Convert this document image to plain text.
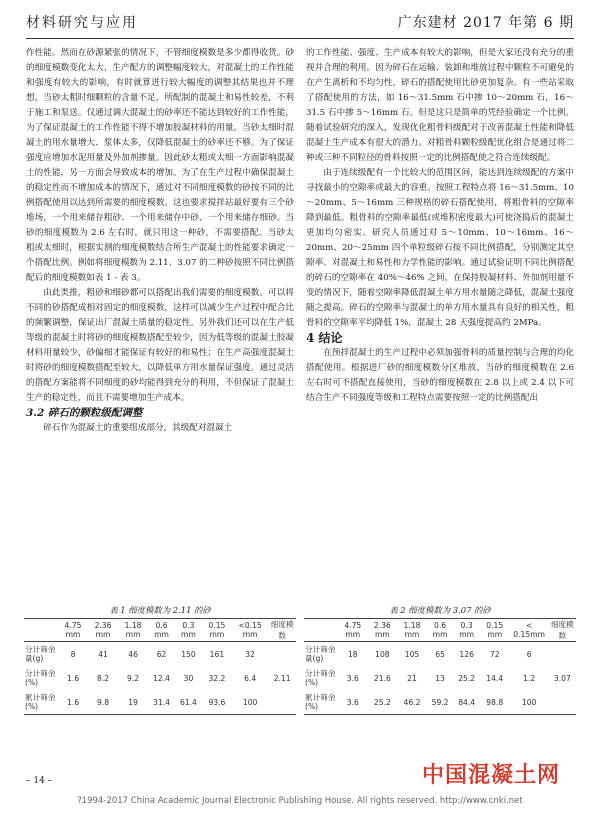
材料研究与应用	广东建材 2017 年第 6 期

作性能。然而在砂源紧张的情况下，不管细度模数是多少都得收货。砂的细度模数变化太大，生产配方的调整幅度较大，对混凝土的工作性能和强度有较大的影响，有时就算进行较大幅度的调整其结果也并不理想。当砂太粗时细颗粒的含量不足，所配制的混凝土和易性较差，不利于施工和泵送。仅通过调大混凝土的砂率还不能达到较好的工作性能，为了保证混凝土的工作性能不得不增加胶凝材料的用量。当砂太细时混凝土的用水量增大、浆体太多，仅降低混凝土的砂率还不够。为了保证强度应增加水泥用量及外加剂掺量。因此砂太粗或太细一方面影响混凝土的性能，另一方面会导致成本的增加。为了在生产过程中确保混凝土的稳定性而不增加成本的情况下，通过对不同细度模数的砂按不同的比例搭配使用以达到所需要的细度模数。这也要求搅拌站最好要有三个砂堆场，一个用来储存粗砂、一个用来储存中砂、一个用来储存细砂。当砂的细度模数为 2.6 左右时，就只用这一种砂，不需要搭配。当砂太粗或太细时，根据实测的细度模数结合所生产混凝土的性能要求确定一个搭配比例。例如将细度模数为 2.11、3.07 的二种砂按照不同比例搭配后的细度模数如表 1 - 表 3。

由此类推，粗砂和细砂都可以搭配出我们需要的细度模数。可以将不同的砂搭配成相对固定的细度模数，这样可以减少生产过程中配合比的频繁调整，保证出厂混凝土质量的稳定性。另外我们还可以在生产低等级的混凝土时将砂的细度模数搭配至较少，因为低等级的混凝土胶凝材料用量较少，砂偏细才能保证有较好的和易性；在生产高强度混凝土时将砂的细度模数搭配至较大，以降低单方用水量保证强度。通过灵活的搭配方案能将不同细度的砂均能得到充分的利用，不但保证了混凝土生产的稳定性，而且不需要增加生产成本。

3.2 碎石的颗粒级配调整

碎石作为混凝土的重要组成部分，其级配对混凝土

的工作性能、强度、生产成本有较大的影响，但是大家还没有充分的重视并合理的利用。因为碎石在运输、装卸和堆放过程中颗粒不可避免的在产生离析和不均匀性，碎石的搭配使用比砂更加复杂。有一些站采取了搭配使用的方法，如 16～31.5mm 石中掺 10～20mm 石，16～31.5 石中掺 5～16mm 石。但是这只是简单的凭经验确定一个比例。随着试验研究的深入，发现优化粗骨料级配对于改善混凝土性能和降低混凝土生产成本有很大的潜力。对粗骨料颗粒级配优化组合是通过将二种或三种不同粒径的骨料按照一定的比例搭配使之符合连续级配。

由于连续级配有一个比较大的范围区间，能达到连续级配的方案中寻找最小的空隙率或最大的容重。按照工程特点将 16～31.5mm、10～20mm、5～16mm 三种规格的碎石搭配使用，将粗骨料的空隙率降到最低。粗骨料的空隙率最低(或堆积密度最大)可使浇捣后的混凝土更加均匀密实。研究人员通过对 5～10mm、10～16mm、16～20mm、20～25mm 四个单粒级碎石按不同比例搭配，分别测定其空隙率、对混凝土和易性和力学性能的影响。通过试验证明不同比例搭配的碎石的空隙率在 40%～46% 之间，在保持胶凝材料、外加剂用量不变的情况下，随着空隙率降低混凝土单方用水量随之降低，混凝土强度随之提高。碎石的空隙率与混凝土的单方用水量具有良好的相关性，粗骨料的空隙率平均降低 1%，混凝土 28 天强度提高约 2MPa。

4 结论

在预拌混凝土的生产过程中必须加强骨料的质量控制与合理的均化搭配使用。根据进厂砂的细度模数分区堆放，当砂的细度模数在 2.6 左右时可不搭配直接使用，当砂的细度模数在 2.8 以上或 2.4 以下可结合生产不同强度等级和工程特点需要按照一定的比例搭配出

表 1 细度模数为 2.11 的砂
	4.75 mm	2.36 mm	1.18 mm	0.6 mm	0.3 mm	0.15 mm	<0.15 mm	细度模数
分计筛余量(g)	8	41	46	62	150	161	32	
分计筛余(%)	1.6	8.2	9.2	12.4	30	32.2	6.4	2.11
累计筛余(%)	1.6	9.8	19	31.4	61.4	93.6	100	
表 2 细度模数为 3.07 的砂
	4.75 mm	2.36 mm	1.18 mm	0.6 mm	0.3 mm	0.15 mm	< 0.15mm	细度模数
分计筛余量(g)	18	108	105	65	126	72	6	
分计筛余(%)	3.6	21.6	21	13	25.2	14.4	1.2	3.07
累计筛余(%)	3.6	25.2	46.2	59.2	84.4	98.8	100	
– 14 –	中国混凝土网
?1994-2017 China Academic Journal Electronic Publishing House. All rights reserved. http://www.cnki.net
